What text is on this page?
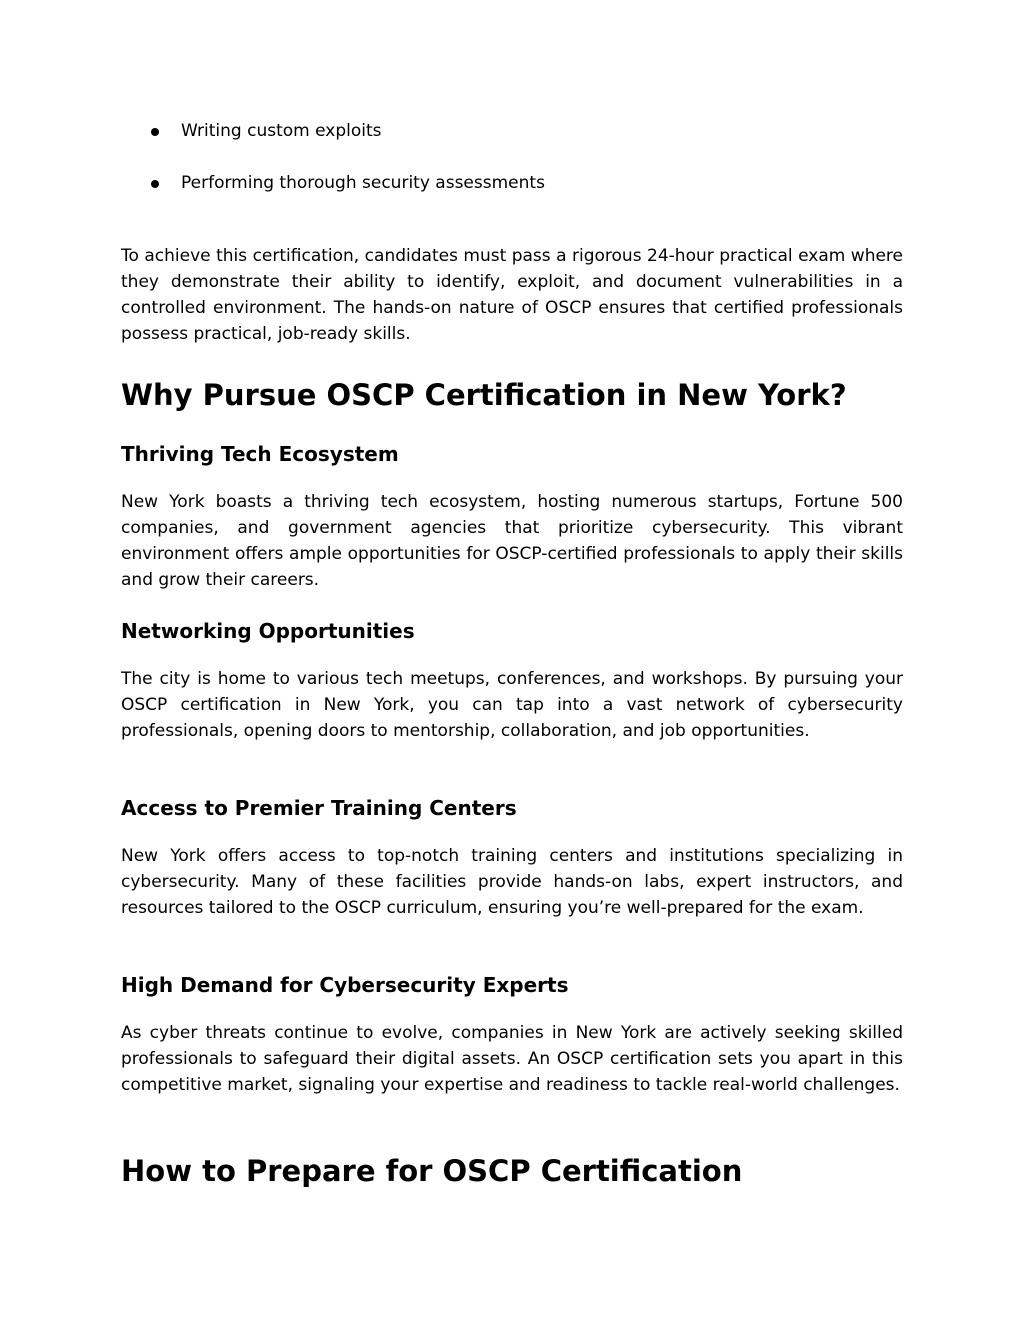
Writing custom exploits
Performing thorough security assessments

To achieve this certification, candidates must pass a rigorous 24-hour practical exam where they demonstrate their ability to identify, exploit, and document vulnerabilities in a controlled environment. The hands-on nature of OSCP ensures that certified professionals possess practical, job-ready skills.

Why Pursue OSCP Certification in New York?
Thriving Tech Ecosystem

New York boasts a thriving tech ecosystem, hosting numerous startups, Fortune 500 companies, and government agencies that prioritize cybersecurity. This vibrant environment offers ample opportunities for OSCP-certified professionals to apply their skills and grow their careers.

Networking Opportunities

The city is home to various tech meetups, conferences, and workshops. By pursuing your OSCP certification in New York, you can tap into a vast network of cybersecurity professionals, opening doors to mentorship, collaboration, and job opportunities.

Access to Premier Training Centers

New York offers access to top-notch training centers and institutions specializing in cybersecurity. Many of these facilities provide hands-on labs, expert instructors, and resources tailored to the OSCP curriculum, ensuring you’re well-prepared for the exam.

High Demand for Cybersecurity Experts

As cyber threats continue to evolve, companies in New York are actively seeking skilled professionals to safeguard their digital assets. An OSCP certification sets you apart in this competitive market, signaling your expertise and readiness to tackle real-world challenges.

How to Prepare for OSCP Certification
